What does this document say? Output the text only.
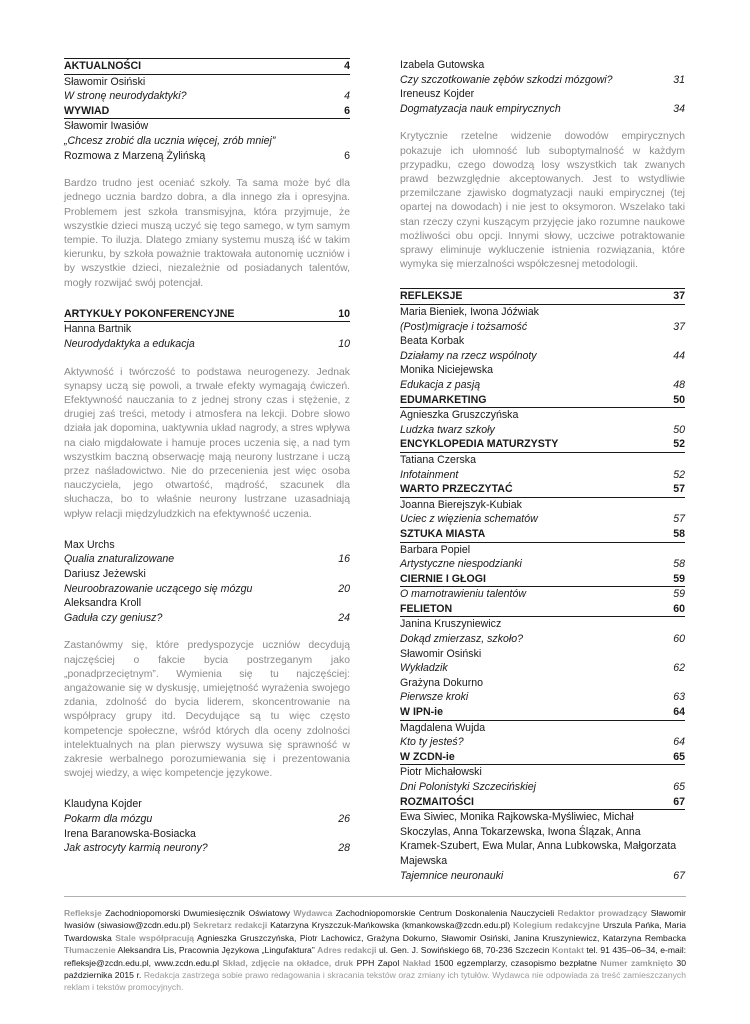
AKTUALNOŚCI	4
Sławomir Osiński
W stronę neurodydaktyki?	4
WYWIAD	6
Sławomir Iwasiów
„Chcesz zrobić dla ucznia więcej, zrób mniej”
Rozmowa z Marzeną Żylińską	6

Bardzo trudno jest oceniać szkoły. Ta sama może być dla jednego ucznia bardzo dobra, a dla innego zła i opresyjna. Problemem jest szkoła transmisyjna, która przyjmuje, że wszystkie dzieci muszą uczyć się tego samego, w tym samym tempie. To iluzja. Dlatego zmiany systemu muszą iść w takim kierunku, by szkoła poważnie traktowała autonomię uczniów i by wszystkie dzieci, niezależnie od posiadanych talentów, mogły rozwijać swój potencjał.

ARTYKUŁY POKONFERENCYJNE	10
Hanna Bartnik
Neurodydaktyka a edukacja	10

Aktywność i twórczość to podstawa neurogenezy. Jednak synapsy uczą się powoli, a trwałe efekty wymagają ćwiczeń. Efektywność nauczania to z jednej strony czas i stężenie, z drugiej zaś treści, metody i atmosfera na lekcji. Dobre słowo działa jak dopomina, uaktywnia układ nagrody, a stres wpływa na ciało migdałowate i hamuje proces uczenia się, a nad tym wszystkim baczną obserwację mają neurony lustrzane i uczą przez naśladowictwo. Nie do przecenienia jest więc osoba nauczyciela, jego otwartość, mądrość, szacunek dla słuchacza, bo to właśnie neurony lustrzane uzasadniają wpływ relacji międzyludzkich na efektywność uczenia.

Max Urchs
Qualia znaturalizowane	16
Dariusz Jeżewski
Neuroobrazowanie uczącego się mózgu	20
Aleksandra Kroll
Gaduła czy geniusz?	24

Zastanówmy się, które predyspozycje uczniów decydują najczęściej o fakcie bycia postrzeganym jako „ponadprzeciętnym”. Wymienia się tu najczęściej: angażowanie się w dyskusję, umiejętność wyrażenia swojego zdania, zdolność do bycia liderem, skoncentrowanie na współpracy grupy itd. Decydujące są tu więc często kompetencje społeczne, wśród których dla oceny zdolności intelektualnych na plan pierwszy wysuwa się sprawność w zakresie werbalnego porozumiewania się i prezentowania swojej wiedzy, a więc kompetencje językowe.

Klaudyna Kojder
Pokarm dla mózgu	26
Irena Baranowska-Bosiacka
Jak astrocyty karmią neurony?	28
Izabela Gutowska
Czy szczotkowanie zębów szkodzi mózgowi?	31
Ireneusz Kojder
Dogmatyzacja nauk empirycznych	34

Krytycznie rzetelne widzenie dowodów empirycznych pokazuje ich ułomność lub suboptymalność w każdym przypadku, czego dowodzą losy wszystkich tak zwanych prawd bezwzględnie akceptowanych. Jest to wstydliwie przemilczane zjawisko dogmatyzacji nauki empirycznej (tej opartej na dowodach) i nie jest to oksymoron. Wszelako taki stan rzeczy czyni kuszącym przyjęcie jako rozumne naukowe możliwości obu opcji. Innymi słowy, uczciwe potraktowanie sprawy eliminuje wykluczenie istnienia rozwiązania, które wymyka się mierzalności współczesnej metodologii.

REFLEKSJE	37
Maria Bieniek, Iwona Jóźwiak
(Post)migracje i tożsamość	37
Beata Korbak
Działamy na rzecz wspólnoty	44
Monika Niciejewska
Edukacja z pasją	48
EDUMARKETING	50
Agnieszka Gruszczyńska
Ludzka twarz szkoły	50
ENCYKLOPEDIA MATURZYSTY	52
Tatiana Czerska
Infotainment	52
WARTO PRZECZYTAĆ	57
Joanna Bierejszyk-Kubiak
Uciec z więzienia schematów	57
SZTUKA MIASTA	58
Barbara Popiel
Artystyczne niespodzianki	58
CIERNIE I GŁOGI	59
O marnotrawieniu talentów	59
FELIETON	60
Janina Kruszyniewicz
Dokąd zmierzasz, szkoło?	60
Sławomir Osiński
Wykładzik	62
Grażyna Dokurno
Pierwsze kroki	63
W IPN-ie	64
Magdalena Wujda
Kto ty jesteś?	64
W ZCDN-ie	65
Piotr Michałowski
Dni Polonistyki Szczecińskiej	65
ROZMAITOŚCI	67
Ewa Siwiec, Monika Rajkowska-Myśliwiec, Michał Skoczylas, Anna Tokarzewska, Iwona Ślązak, Anna Kramek-Szubert, Ewa Mular, Anna Lubkowska, Małgorzata Majewska
Tajemnice neuronauki	67
Refleksje Zachodniopomorski Dwumiesięcznik Oświatowy Wydawca Zachodniopomorskie Centrum Doskonalenia Nauczycieli Redaktor prowadzący Sławomir Iwasiów (siwasiow@zcdn.edu.pl) Sekretarz redakcji Katarzyna Kryszczuk-Mańkowska (kmankowska@zcdn.edu.pl) Kolegium redakcyjne Urszula Pańka, Maria Twardowska Stale współpracują Agnieszka Gruszczyńska, Piotr Lachowicz, Grażyna Dokurno, Sławomir Osiński, Janina Kruszyniewicz, Katarzyna Rembacka Tłumaczenie Aleksandra Lis, Pracownia Językowa „Lingufaktura” Adres redakcji ul. Gen. J. Sowińskiego 68, 70-236 Szczecin Kontakt tel. 91 435–06–34, e-mail: refleksje@zcdn.edu.pl, www.zcdn.edu.pl Skład, zdjęcie na okładce, druk PPH Zapol Nakład 1500 egzemplarzy, czasopismo bezpłatne Numer zamknięto 30 października 2015 r. Redakcja zastrzega sobie prawo redagowania i skracania tekstów oraz zmiany ich tytułów. Wydawca nie odpowiada za treść zamieszczanych reklam i tekstów promocyjnych.
